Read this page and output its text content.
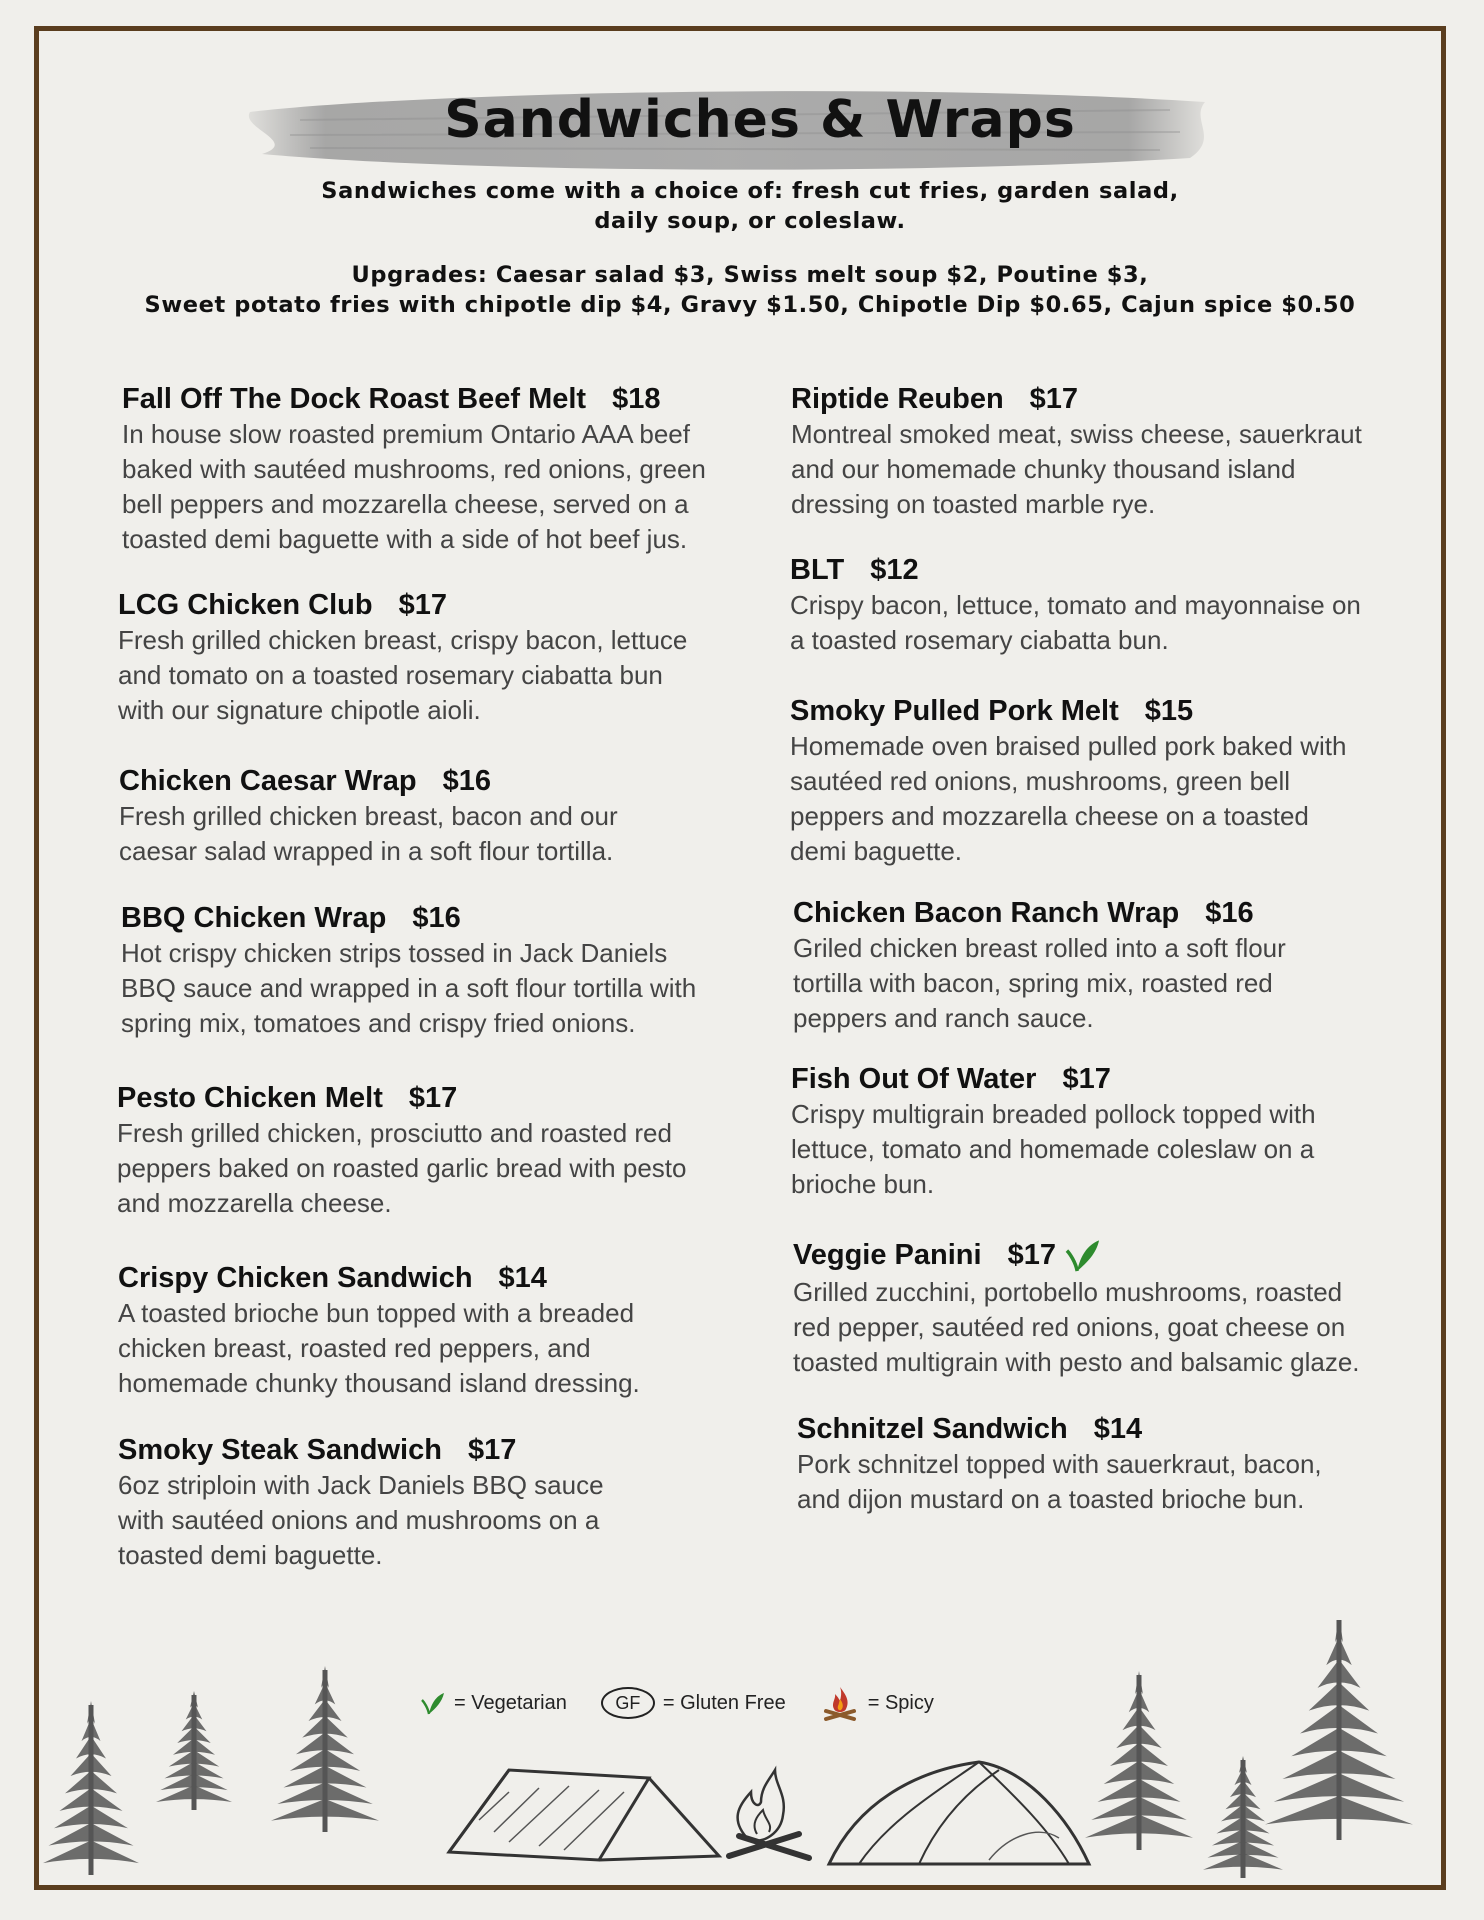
Sandwiches & Wraps
Sandwiches come with a choice of: fresh cut fries, garden salad,
daily soup, or coleslaw.
Upgrades: Caesar salad $3, Swiss melt soup $2, Poutine $3,
Sweet potato fries with chipotle dip $4, Gravy $1.50, Chipotle Dip $0.65, Cajun spice $0.50
Fall Off The Dock Roast Beef Melt $18
In house slow roasted premium Ontario AAA beef
baked with sautéed mushrooms, red onions, green
bell peppers and mozzarella cheese, served on a
toasted demi baguette with a side of hot beef jus.
LCG Chicken Club $17
Fresh grilled chicken breast, crispy bacon, lettuce
and tomato on a toasted rosemary ciabatta bun
with our signature chipotle aioli.
Chicken Caesar Wrap $16
Fresh grilled chicken breast, bacon and our
caesar salad wrapped in a soft flour tortilla.
BBQ Chicken Wrap $16
Hot crispy chicken strips tossed in Jack Daniels
BBQ sauce and wrapped in a soft flour tortilla with
spring mix, tomatoes and crispy fried onions.
Pesto Chicken Melt $17
Fresh grilled chicken, prosciutto and roasted red
peppers baked on roasted garlic bread with pesto
and mozzarella cheese.
Crispy Chicken Sandwich $14
A toasted brioche bun topped with a breaded
chicken breast, roasted red peppers, and
homemade chunky thousand island dressing.
Smoky Steak Sandwich $17
6oz striploin with Jack Daniels BBQ sauce
with sautéed onions and mushrooms on a
toasted demi baguette.
Riptide Reuben $17
Montreal smoked meat, swiss cheese, sauerkraut
and our homemade chunky thousand island
dressing on toasted marble rye.
BLT $12
Crispy bacon, lettuce, tomato and mayonnaise on
a toasted rosemary ciabatta bun.
Smoky Pulled Pork Melt $15
Homemade oven braised pulled pork baked with
sautéed red onions, mushrooms, green bell
peppers and mozzarella cheese on a toasted
demi baguette.
Chicken Bacon Ranch Wrap $16
Griled chicken breast rolled into a soft flour
tortilla with bacon, spring mix, roasted red
peppers and ranch sauce.
Fish Out Of Water $17
Crispy multigrain breaded pollock topped with
lettuce, tomato and homemade coleslaw on a
brioche bun.
Veggie Panini $17
Grilled zucchini, portobello mushrooms, roasted
red pepper, sautéed red onions, goat cheese on
toasted multigrain with pesto and balsamic glaze.
Schnitzel Sandwich $14
Pork schnitzel topped with sauerkraut, bacon,
and dijon mustard on a toasted brioche bun.
= Vegetarian	GF	= Gluten Free	= Spicy
